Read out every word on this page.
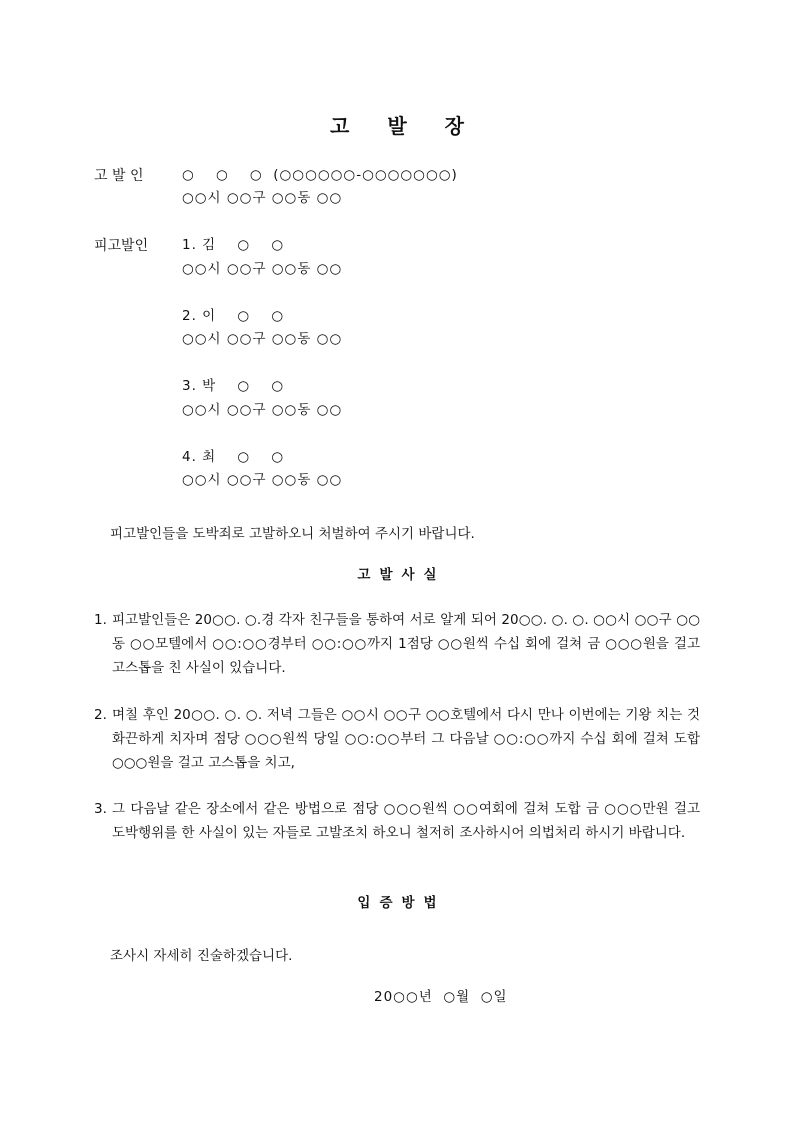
고발장
고 발 인	○    ○    ○  (○○○○○○-○○○○○○○)
○○시 ○○구 ○○동 ○○
피고발인	1. 김    ○    ○
○○시 ○○구 ○○동 ○○
2. 이    ○    ○
○○시 ○○구 ○○동 ○○
3. 박    ○    ○
○○시 ○○구 ○○동 ○○
4. 최    ○    ○
○○시 ○○구 ○○동 ○○
피고발인들을 도박죄로 고발하오니 처벌하여 주시기 바랍니다.
고발사실
1. 피고발인들은 20○○. ○.경 각자 친구들을 통하여 서로 알게 되어 20○○. ○. ○. ○○시 ○○구 ○○동 ○○모텔에서 ○○:○○경부터 ○○:○○까지 1점당 ○○원씩 수십 회에 걸쳐 금 ○○○원을 걸고 고스톱을 친 사실이 있습니다.
2. 며칠 후인 20○○. ○. ○. 저녁 그들은 ○○시 ○○구 ○○호텔에서 다시 만나 이번에는 기왕 치는 것 화끈하게 치자며 점당 ○○○원씩 당일 ○○:○○부터 그 다음날 ○○:○○까지 수십 회에 걸쳐 도합 ○○○원을 걸고 고스톱을 치고,
3. 그 다음날 같은 장소에서 같은 방법으로 점당 ○○○원씩 ○○여회에 걸쳐 도합 금 ○○○만원 걸고 도박행위를 한 사실이 있는 자들로 고발조치 하오니 철저히 조사하시어 의법처리 하시기 바랍니다.
입증방법
조사시 자세히 진술하겠습니다.
20○○년  ○월  ○일
